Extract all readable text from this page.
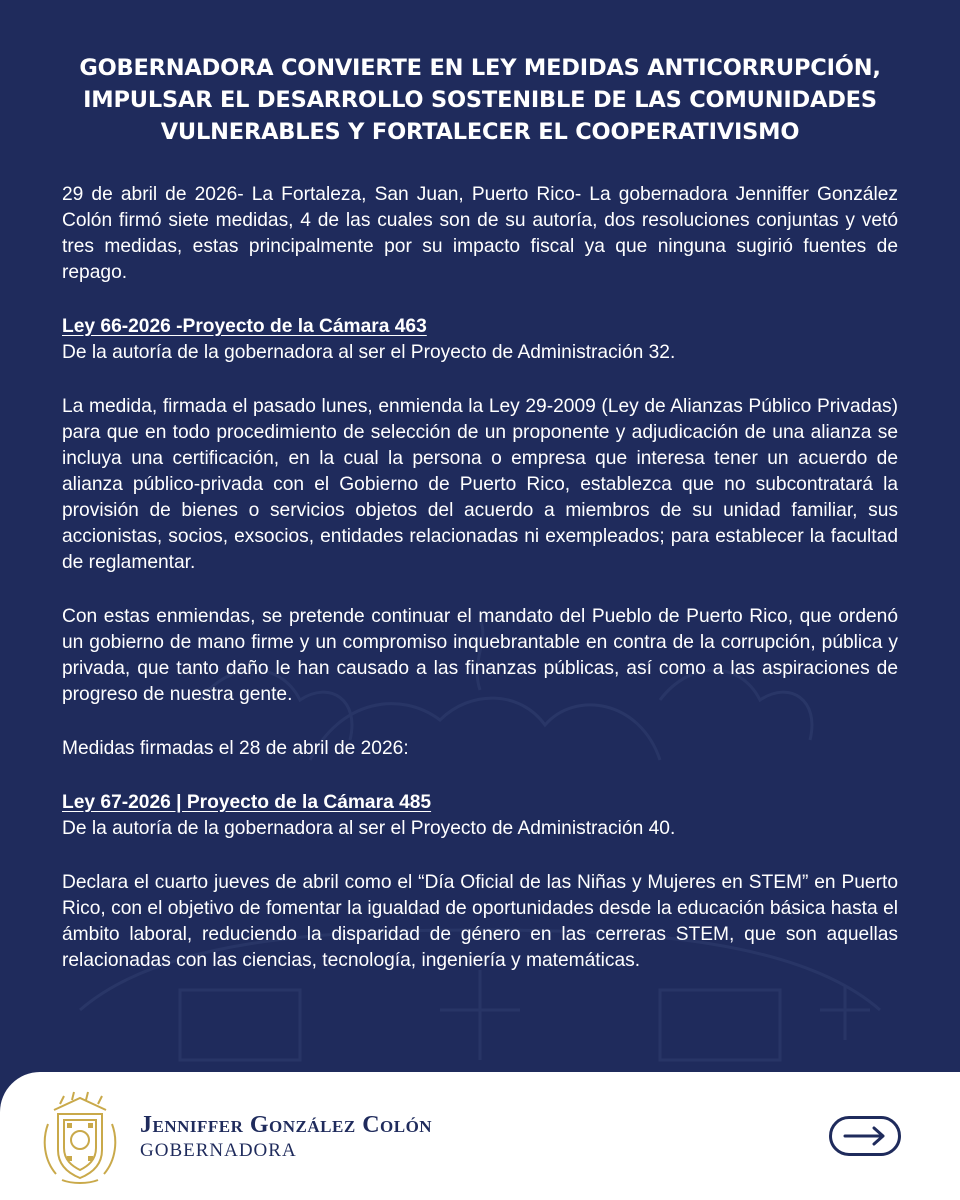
GOBERNADORA CONVIERTE EN LEY MEDIDAS ANTICORRUPCIÓN, IMPULSAR EL DESARROLLO SOSTENIBLE DE LAS COMUNIDADES VULNERABLES Y FORTALECER EL COOPERATIVISMO

29 de abril de 2026- La Fortaleza, San Juan, Puerto Rico- La gobernadora Jenniffer González Colón firmó siete medidas, 4 de las cuales son de su autoría, dos resoluciones conjuntas y vetó tres medidas, estas principalmente por su impacto fiscal ya que ninguna sugirió fuentes de repago.

Ley 66-2026 -Proyecto de la Cámara 463
De la autoría de la gobernadora al ser el Proyecto de Administración 32.

La medida, firmada el pasado lunes, enmienda la Ley 29-2009 (Ley de Alianzas Público Privadas) para que en todo procedimiento de selección de un proponente y adjudicación de una alianza se incluya una certificación, en la cual la persona o empresa que interesa tener un acuerdo de alianza público-privada con el Gobierno de Puerto Rico, establezca que no subcontratará la provisión de bienes o servicios objetos del acuerdo a miembros de su unidad familiar, sus accionistas, socios, exsocios, entidades relacionadas ni exempleados; para establecer la facultad de reglamentar.

Con estas enmiendas, se pretende continuar el mandato del Pueblo de Puerto Rico, que ordenó un gobierno de mano firme y un compromiso inquebrantable en contra de la corrupción, pública y privada, que tanto daño le han causado a las finanzas públicas, así como a las aspiraciones de progreso de nuestra gente.

Medidas firmadas el 28 de abril de 2026:

Ley 67-2026 | Proyecto de la Cámara 485
De la autoría de la gobernadora al ser el Proyecto de Administración 40.

Declara el cuarto jueves de abril como el “Día Oficial de las Niñas y Mujeres en STEM” en Puerto Rico, con el objetivo de fomentar la igualdad de oportunidades desde la educación básica hasta el ámbito laboral, reduciendo la disparidad de género en las cerreras STEM, que son aquellas relacionadas con las ciencias, tecnología, ingeniería y matemáticas.

Jenniffer González Colón
GOBERNADORA
